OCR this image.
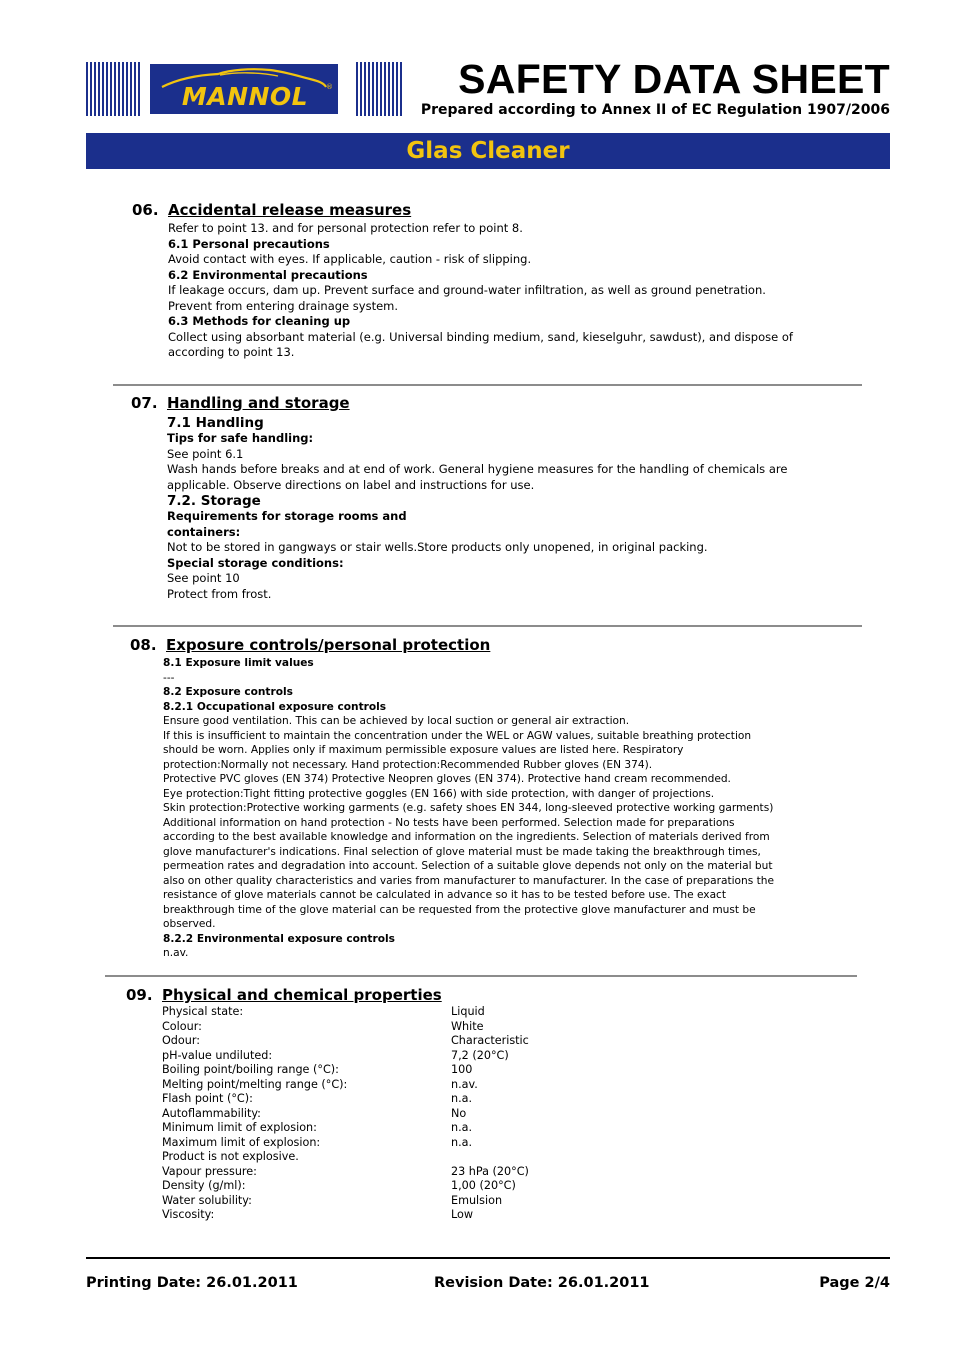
MANNOL	®	SAFETY DATA SHEET
Prepared according to Annex II of EC Regulation 1907/2006
Glas Cleaner
06. Accidental release measures

Refer to point 13. and for personal protection refer to point 8.

6.1 Personal precautions

Avoid contact with eyes. If applicable, caution - risk of slipping.

6.2 Environmental precautions

If leakage occurs, dam up. Prevent surface and ground-water infiltration, as well as ground penetration.

Prevent from entering drainage system.

6.3 Methods for cleaning up

Collect using absorbant material (e.g. Universal binding medium, sand, kieselguhr, sawdust), and dispose of

according to point 13.

07. Handling and storage

7.1 Handling

Tips for safe handling:

See point 6.1

Wash hands before breaks and at end of work. General hygiene measures for the handling of chemicals are

applicable. Observe directions on label and instructions for use.

7.2. Storage

Requirements for storage rooms and

containers:

Not to be stored in gangways or stair wells.Store products only unopened, in original packing.

Special storage conditions:

See point 10

Protect from frost.

08. Exposure controls/personal protection

8.1 Exposure limit values

---

8.2 Exposure controls

8.2.1 Occupational exposure controls

Ensure good ventilation. This can be achieved by local suction or general air extraction.

If this is insufficient to maintain the concentration under the WEL or AGW values, suitable breathing protection

should be worn. Applies only if maximum permissible exposure values are listed here. Respiratory

protection:Normally not necessary. Hand protection:Recommended Rubber gloves (EN 374).

Protective PVC gloves (EN 374) Protective Neopren gloves (EN 374). Protective hand cream recommended.

Eye protection:Tight fitting protective goggles (EN 166) with side protection, with danger of projections.

Skin protection:Protective working garments (e.g. safety shoes EN 344, long-sleeved protective working garments)

Additional information on hand protection - No tests have been performed. Selection made for preparations

according to the best available knowledge and information on the ingredients. Selection of materials derived from

glove manufacturer's indications. Final selection of glove material must be made taking the breakthrough times,

permeation rates and degradation into account. Selection of a suitable glove depends not only on the material but

also on other quality characteristics and varies from manufacturer to manufacturer. In the case of preparations the

resistance of glove materials cannot be calculated in advance so it has to be tested before use. The exact

breakthrough time of the glove material can be requested from the protective glove manufacturer and must be

observed.

8.2.2 Environmental exposure controls

n.av.

09. Physical and chemical properties
Physical state:	Liquid
Colour:	White
Odour:	Characteristic
pH-value undiluted:	7,2 (20°C)
Boiling point/boiling range (°C):	100
Melting point/melting range (°C):	n.av.
Flash point (°C):	n.a.
Autoflammability:	No
Minimum limit of explosion:	n.a.
Maximum limit of explosion:	n.a.
Product is not explosive.
Vapour pressure:	23 hPa (20°C)
Density (g/ml):	1,00 (20°C)
Water solubility:	Emulsion
Viscosity:	Low
Printing Date: 26.01.2011	Revision Date: 26.01.2011	Page 2/4
